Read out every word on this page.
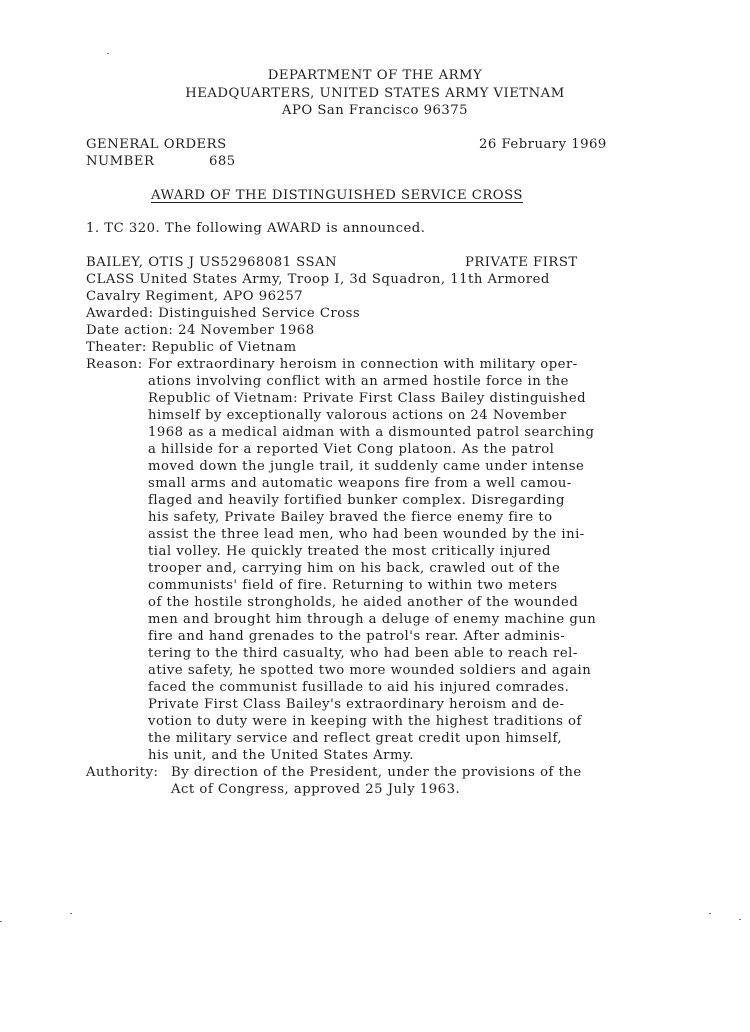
DEPARTMENT OF THE ARMY
HEADQUARTERS, UNITED STATES ARMY VIETNAM
APO San Francisco 96375
GENERAL ORDERS	26 February 1969
NUMBER	685
AWARD OF THE DISTINGUISHED SERVICE CROSS
1. TC 320. The following AWARD is announced.
BAILEY, OTIS J US52968081 SSAN	PRIVATE FIRST
CLASS United States Army, Troop I, 3d Squadron, 11th Armored
Cavalry Regiment, APO 96257
Awarded: Distinguished Service Cross
Date action: 24 November 1968
Theater: Republic of Vietnam
Reason: For extraordinary heroism in connection with military oper-
ations involving conflict with an armed hostile force in the
Republic of Vietnam: Private First Class Bailey distinguished
himself by exceptionally valorous actions on 24 November
1968 as a medical aidman with a dismounted patrol searching
a hillside for a reported Viet Cong platoon. As the patrol
moved down the jungle trail, it suddenly came under intense
small arms and automatic weapons fire from a well camou-
flaged and heavily fortified bunker complex. Disregarding
his safety, Private Bailey braved the fierce enemy fire to
assist the three lead men, who had been wounded by the ini-
tial volley. He quickly treated the most critically injured
trooper and, carrying him on his back, crawled out of the
communists' field of fire. Returning to within two meters
of the hostile strongholds, he aided another of the wounded
men and brought him through a deluge of enemy machine gun
fire and hand grenades to the patrol's rear. After adminis-
tering to the third casualty, who had been able to reach rel-
ative safety, he spotted two more wounded soldiers and again
faced the communist fusillade to aid his injured comrades.
Private First Class Bailey's extraordinary heroism and de-
votion to duty were in keeping with the highest traditions of
the military service and reflect great credit upon himself,
his unit, and the United States Army.
Authority: By direction of the President, under the provisions of the
Act of Congress, approved 25 July 1963.
